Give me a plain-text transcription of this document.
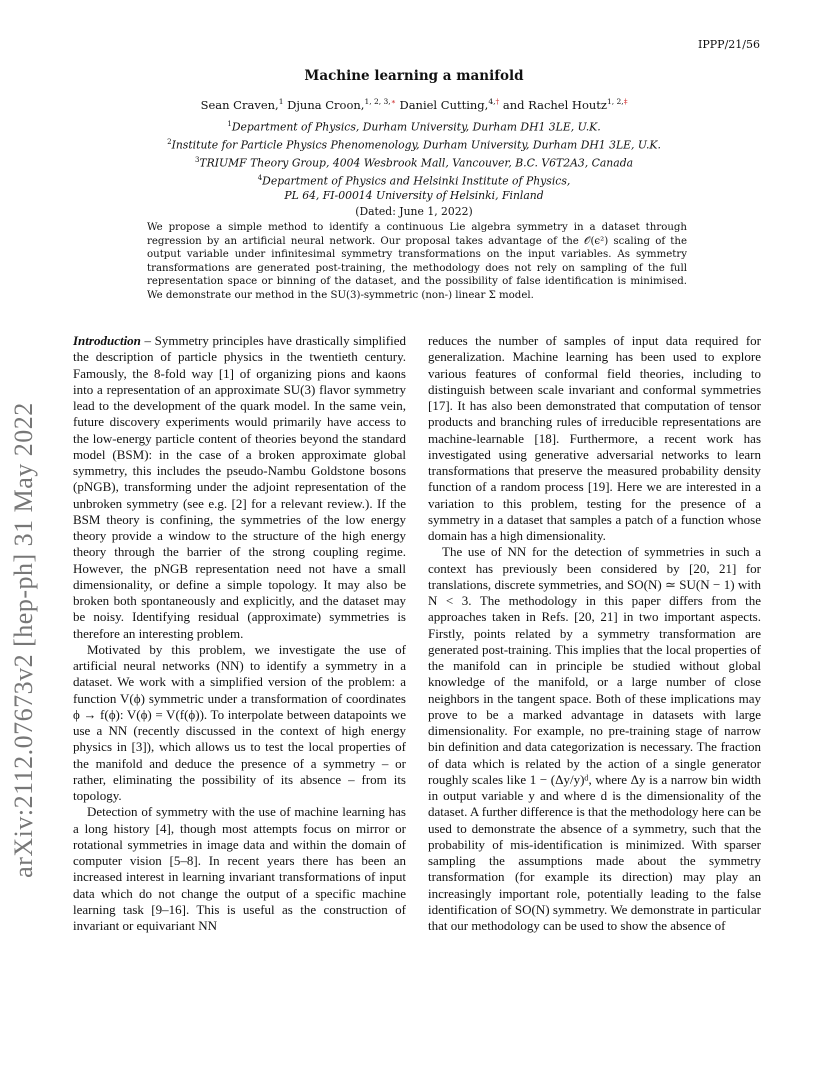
IPPP/21/56
arXiv:2112.07673v2 [hep-ph] 31 May 2022
Machine learning a manifold
Sean Craven,$^1$ Djuna Croon,$^{1, 2, 3,∗}$ Daniel Cutting,$^{4,\dagger}$ and Rachel Houtz$^{1, 2,\ddagger}$
$^1$Department of Physics, Durham University, Durham DH1 3LE, U.K.
$^2$Institute for Particle Physics Phenomenology, Durham University, Durham DH1 3LE, U.K.
$^3$TRIUMF Theory Group, 4004 Wesbrook Mall, Vancouver, B.C. V6T2A3, Canada
$^4$Department of Physics and Helsinki Institute of Physics,
PL 64, FI-00014 University of Helsinki, Finland
(Dated: June 1, 2022)

We propose a simple method to identify a continuous Lie algebra symmetry in a dataset through regression by an artificial neural network. Our proposal takes advantage of the 𝒪(ϵ²) scaling of the output variable under infinitesimal symmetry transformations on the input variables. As symmetry transformations are generated post-training, the methodology does not rely on sampling of the full representation space or binning of the dataset, and the possibility of false identification is minimised. We demonstrate our method in the SU(3)-symmetric (non-) linear Σ model.

Introduction – Symmetry principles have drastically simplified the description of particle physics in the twentieth century. Famously, the 8-fold way [1] of organizing pions and kaons into a representation of an approximate SU(3) flavor symmetry lead to the development of the quark model. In the same vein, future discovery experiments would primarily have access to the low-energy particle content of theories beyond the standard model (BSM): in the case of a broken approximate global symmetry, this includes the pseudo-Nambu Goldstone bosons (pNGB), transforming under the adjoint representation of the unbroken symmetry (see e.g. [2] for a relevant review.). If the BSM theory is confining, the symmetries of the low energy theory provide a window to the structure of the high energy theory through the barrier of the strong coupling regime. However, the pNGB representation need not have a small dimensionality, or define a simple topology. It may also be broken both spontaneously and explicitly, and the dataset may be noisy. Identifying residual (approximate) symmetries is therefore an interesting problem.

Motivated by this problem, we investigate the use of artificial neural networks (NN) to identify a symmetry in a dataset. We work with a simplified version of the problem: a function V(ϕ) symmetric under a transformation of coordinates ϕ → f(ϕ): V(ϕ) = V(f(ϕ)). To interpolate between datapoints we use a NN (recently discussed in the context of high energy physics in [3]), which allows us to test the local properties of the manifold and deduce the presence of a symmetry – or rather, eliminating the possibility of its absence – from its topology.

Detection of symmetry with the use of machine learning has a long history [4], though most attempts focus on mirror or rotational symmetries in image data and within the domain of computer vision [5–8]. In recent years there has been an increased interest in learning invariant transformations of input data which do not change the output of a specific machine learning task [9–16]. This is useful as the construction of invariant or equivariant NN

reduces the number of samples of input data required for generalization. Machine learning has been used to explore various features of conformal field theories, including to distinguish between scale invariant and conformal symmetries [17]. It has also been demonstrated that computation of tensor products and branching rules of irreducible representations are machine-learnable [18]. Furthermore, a recent work has investigated using generative adversarial networks to learn transformations that preserve the measured probability density function of a random process [19]. Here we are interested in a variation to this problem, testing for the presence of a symmetry in a dataset that samples a patch of a function whose domain has a high dimensionality.

The use of NN for the detection of symmetries in such a context has previously been considered by [20, 21] for translations, discrete symmetries, and SO(N) ≃ SU(N − 1) with N < 3. The methodology in this paper differs from the approaches taken in Refs. [20, 21] in two important aspects. Firstly, points related by a symmetry transformation are generated post-training. This implies that the local properties of the manifold can in principle be studied without global knowledge of the manifold, or a large number of close neighbors in the tangent space. Both of these implications may prove to be a marked advantage in datasets with large dimensionality. For example, no pre-training stage of narrow bin definition and data categorization is necessary. The fraction of data which is related by the action of a single generator roughly scales like 1 − (Δy/y)ᵈ, where Δy is a narrow bin width in output variable y and where d is the dimensionality of the dataset. A further difference is that the methodology here can be used to demonstrate the absence of a symmetry, such that the probability of mis-identification is minimized. With sparser sampling the assumptions made about the symmetry transformation (for example its direction) may play an increasingly important role, potentially leading to the false identification of SO(N) symmetry. We demonstrate in particular that our methodology can be used to show the absence of
